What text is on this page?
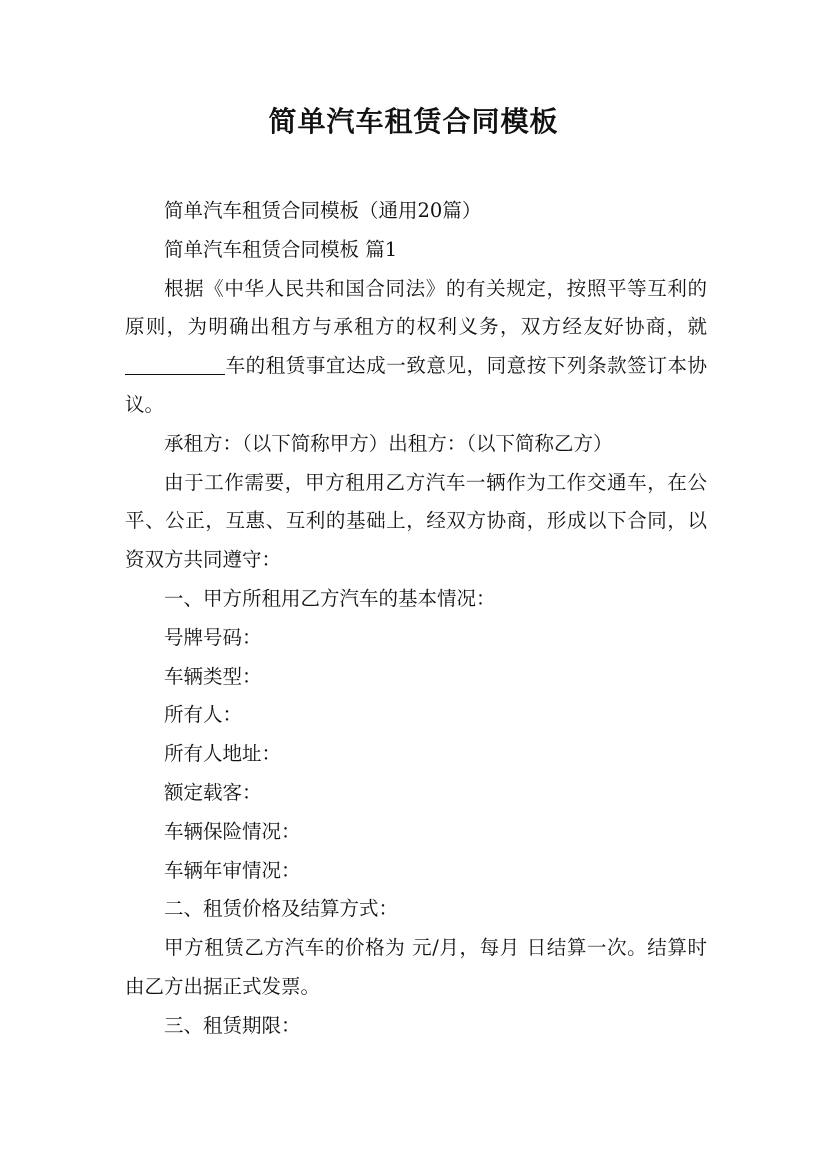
简单汽车租赁合同模板

简单汽车租赁合同模板（通用20篇）

简单汽车租赁合同模板 篇1

根据《中华人民共和国合同法》的有关规定，按照平等互利的原则，为明确出租方与承租方的权利义务，双方经友好协商，就车的租赁事宜达成一致意见，同意按下列条款签订本协议。

承租方：（以下简称甲方）出租方：（以下简称乙方）

由于工作需要，甲方租用乙方汽车一辆作为工作交通车，在公平、公正，互惠、互利的基础上，经双方协商，形成以下合同，以资双方共同遵守：

一、甲方所租用乙方汽车的基本情况：

号牌号码：

车辆类型：

所有人：

所有人地址：

额定载客：

车辆保险情况：

车辆年审情况：

二、租赁价格及结算方式：

甲方租赁乙方汽车的价格为 元/月，每月 日结算一次。结算时由乙方出据正式发票。

三、租赁期限：
